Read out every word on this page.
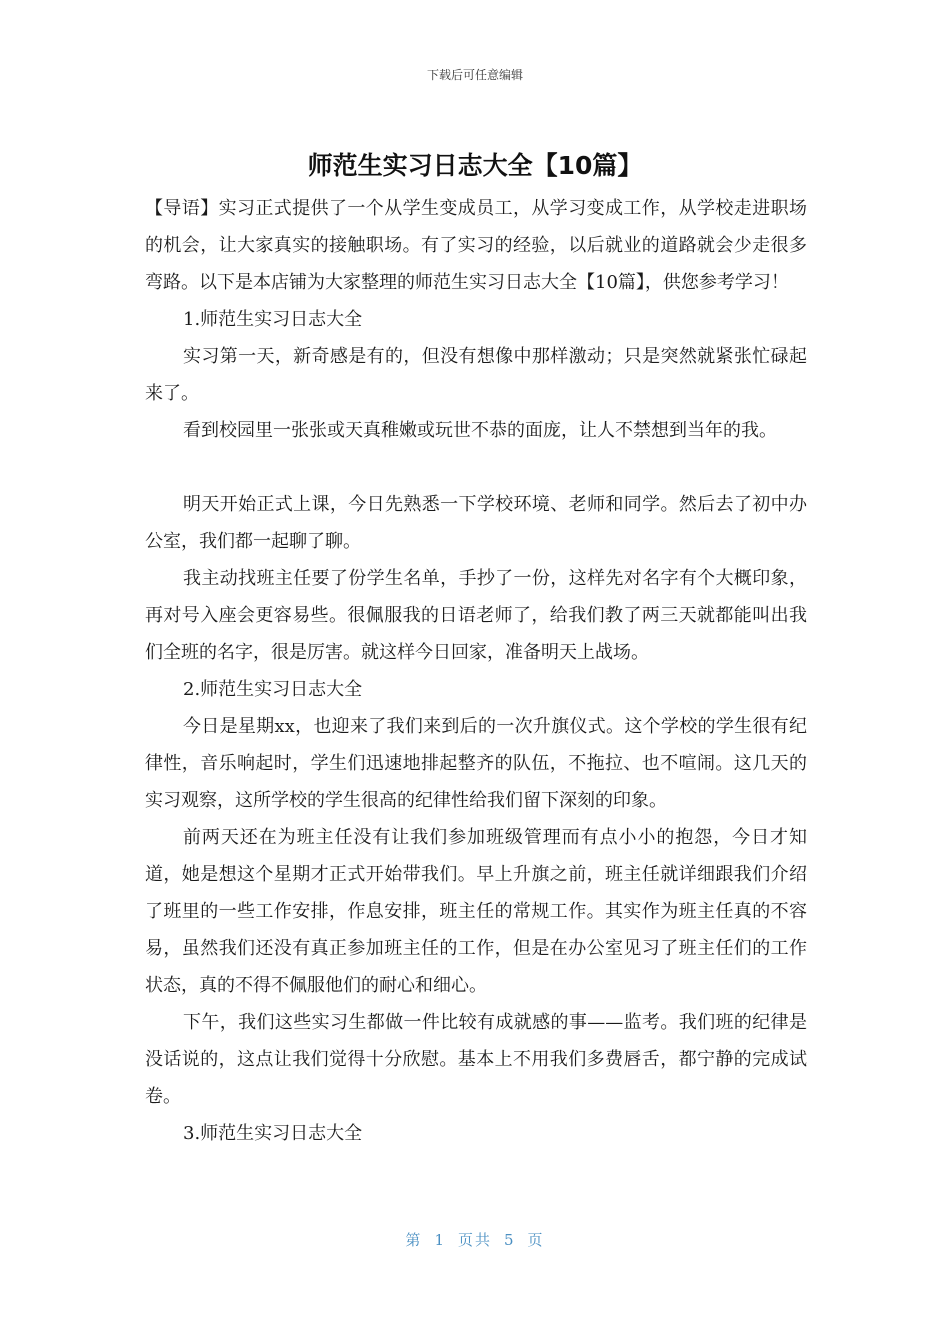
下载后可任意编辑
师范生实习日志大全【10篇】

【导语】实习正式提供了一个从学生变成员工，从学习变成工作，从学校走进职场的机会，让大家真实的接触职场。有了实习的经验，以后就业的道路就会少走很多弯路。以下是本店铺为大家整理的师范生实习日志大全【10篇】，供您参考学习！

1.师范生实习日志大全

实习第一天，新奇感是有的，但没有想像中那样激动；只是突然就紧张忙碌起来了。

看到校园里一张张或天真稚嫩或玩世不恭的面庞，让人不禁想到当年的我。

明天开始正式上课，今日先熟悉一下学校环境、老师和同学。然后去了初中办公室，我们都一起聊了聊。

我主动找班主任要了份学生名单，手抄了一份，这样先对名字有个大概印象，再对号入座会更容易些。很佩服我的日语老师了，给我们教了两三天就都能叫出我们全班的名字，很是厉害。就这样今日回家，准备明天上战场。

2.师范生实习日志大全

今日是星期xx，也迎来了我们来到后的一次升旗仪式。这个学校的学生很有纪律性，音乐响起时，学生们迅速地排起整齐的队伍，不拖拉、也不喧闹。这几天的实习观察，这所学校的学生很高的纪律性给我们留下深刻的印象。

前两天还在为班主任没有让我们参加班级管理而有点小小的抱怨，今日才知道，她是想这个星期才正式开始带我们。早上升旗之前，班主任就详细跟我们介绍了班里的一些工作安排，作息安排，班主任的常规工作。其实作为班主任真的不容易，虽然我们还没有真正参加班主任的工作，但是在办公室见习了班主任们的工作状态，真的不得不佩服他们的耐心和细心。

下午，我们这些实习生都做一件比较有成就感的事——监考。我们班的纪律是没话说的，这点让我们觉得十分欣慰。基本上不用我们多费唇舌，都宁静的完成试卷。

3.师范生实习日志大全

第 1 页共 5 页
